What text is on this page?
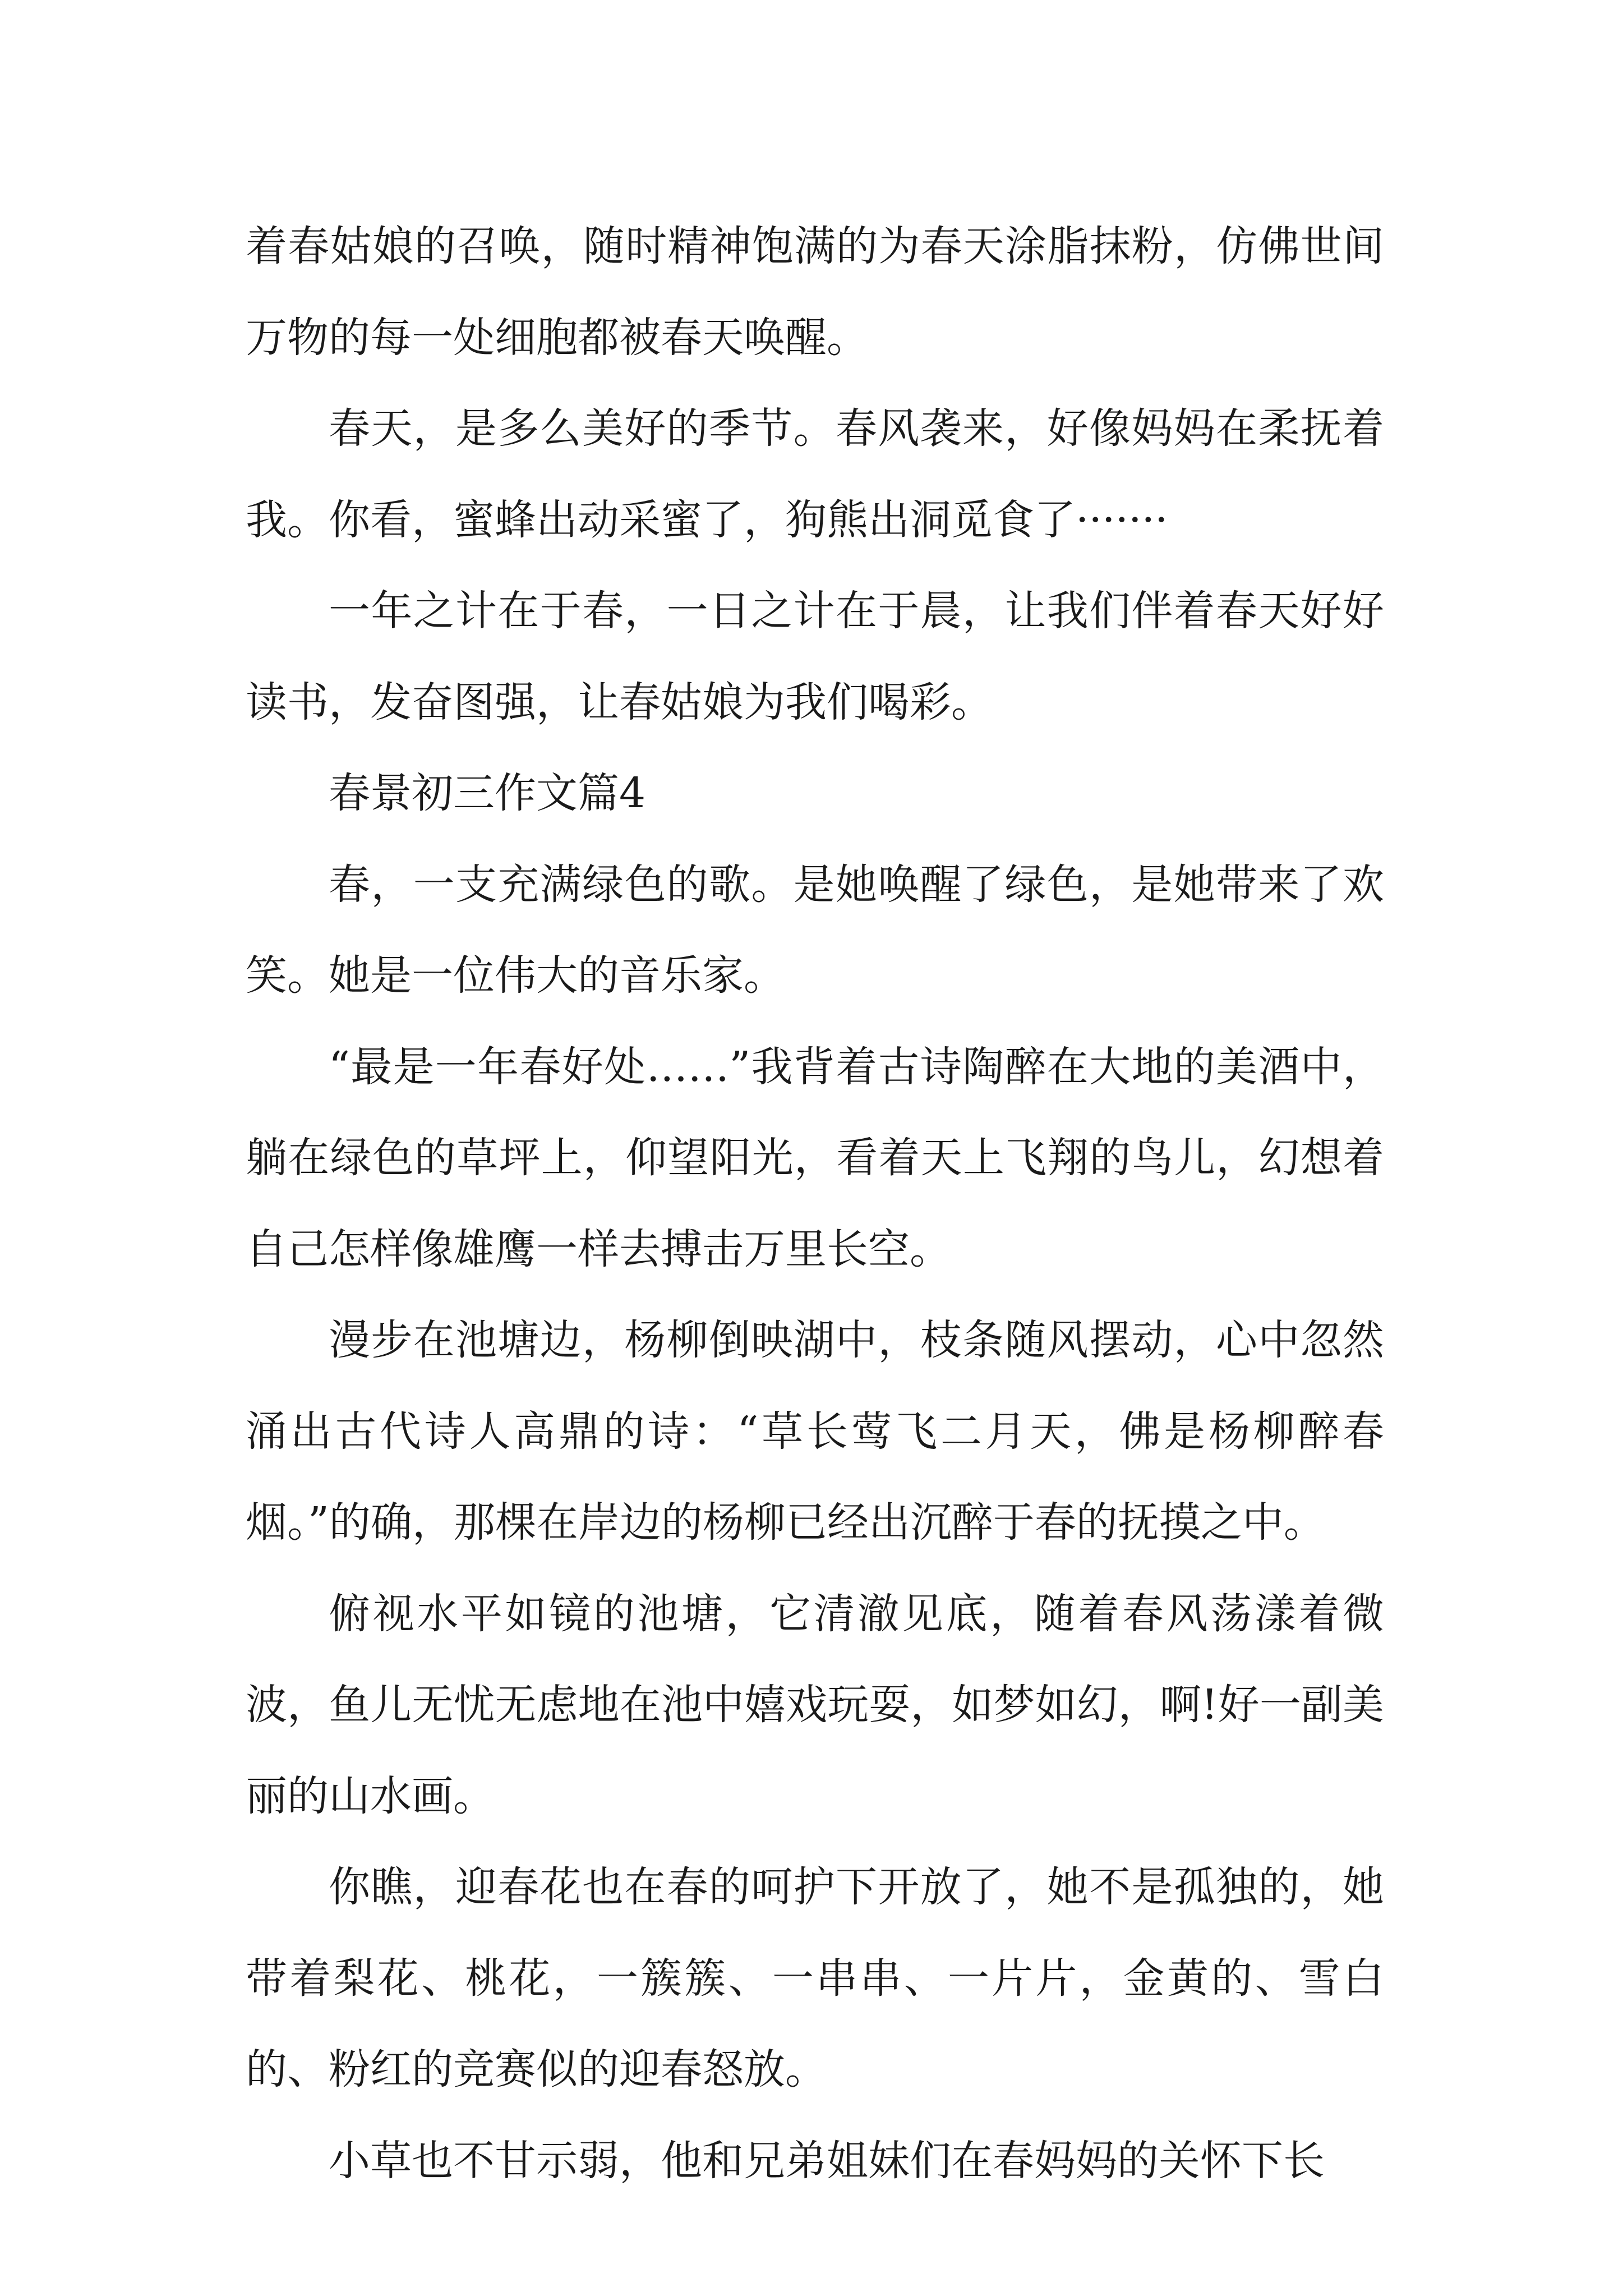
着春姑娘的召唤，随时精神饱满的为春天涂脂抹粉，仿佛世间万物的每一处细胞都被春天唤醒。

春天，是多么美好的季节。春风袭来，好像妈妈在柔抚着我。你看，蜜蜂出动采蜜了，狗熊出洞觅食了·······

一年之计在于春，一日之计在于晨，让我们伴着春天好好读书，发奋图强，让春姑娘为我们喝彩。

春景初三作文篇4

春，一支充满绿色的歌。是她唤醒了绿色，是她带来了欢笑。她是一位伟大的音乐家。

“最是一年春好处……”我背着古诗陶醉在大地的美酒中，躺在绿色的草坪上，仰望阳光，看着天上飞翔的鸟儿，幻想着自己怎样像雄鹰一样去搏击万里长空。

漫步在池塘边，杨柳倒映湖中，枝条随风摆动，心中忽然涌出古代诗人高鼎的诗：“草长莺飞二月天，佛是杨柳醉春烟。”的确，那棵在岸边的杨柳已经出沉醉于春的抚摸之中。

俯视水平如镜的池塘，它清澈见底，随着春风荡漾着微波，鱼儿无忧无虑地在池中嬉戏玩耍，如梦如幻，啊!好一副美丽的山水画。

你瞧，迎春花也在春的呵护下开放了，她不是孤独的，她带着梨花、桃花，一簇簇、一串串、一片片，金黄的、雪白的、粉红的竞赛似的迎春怒放。

小草也不甘示弱，他和兄弟姐妹们在春妈妈的关怀下长
